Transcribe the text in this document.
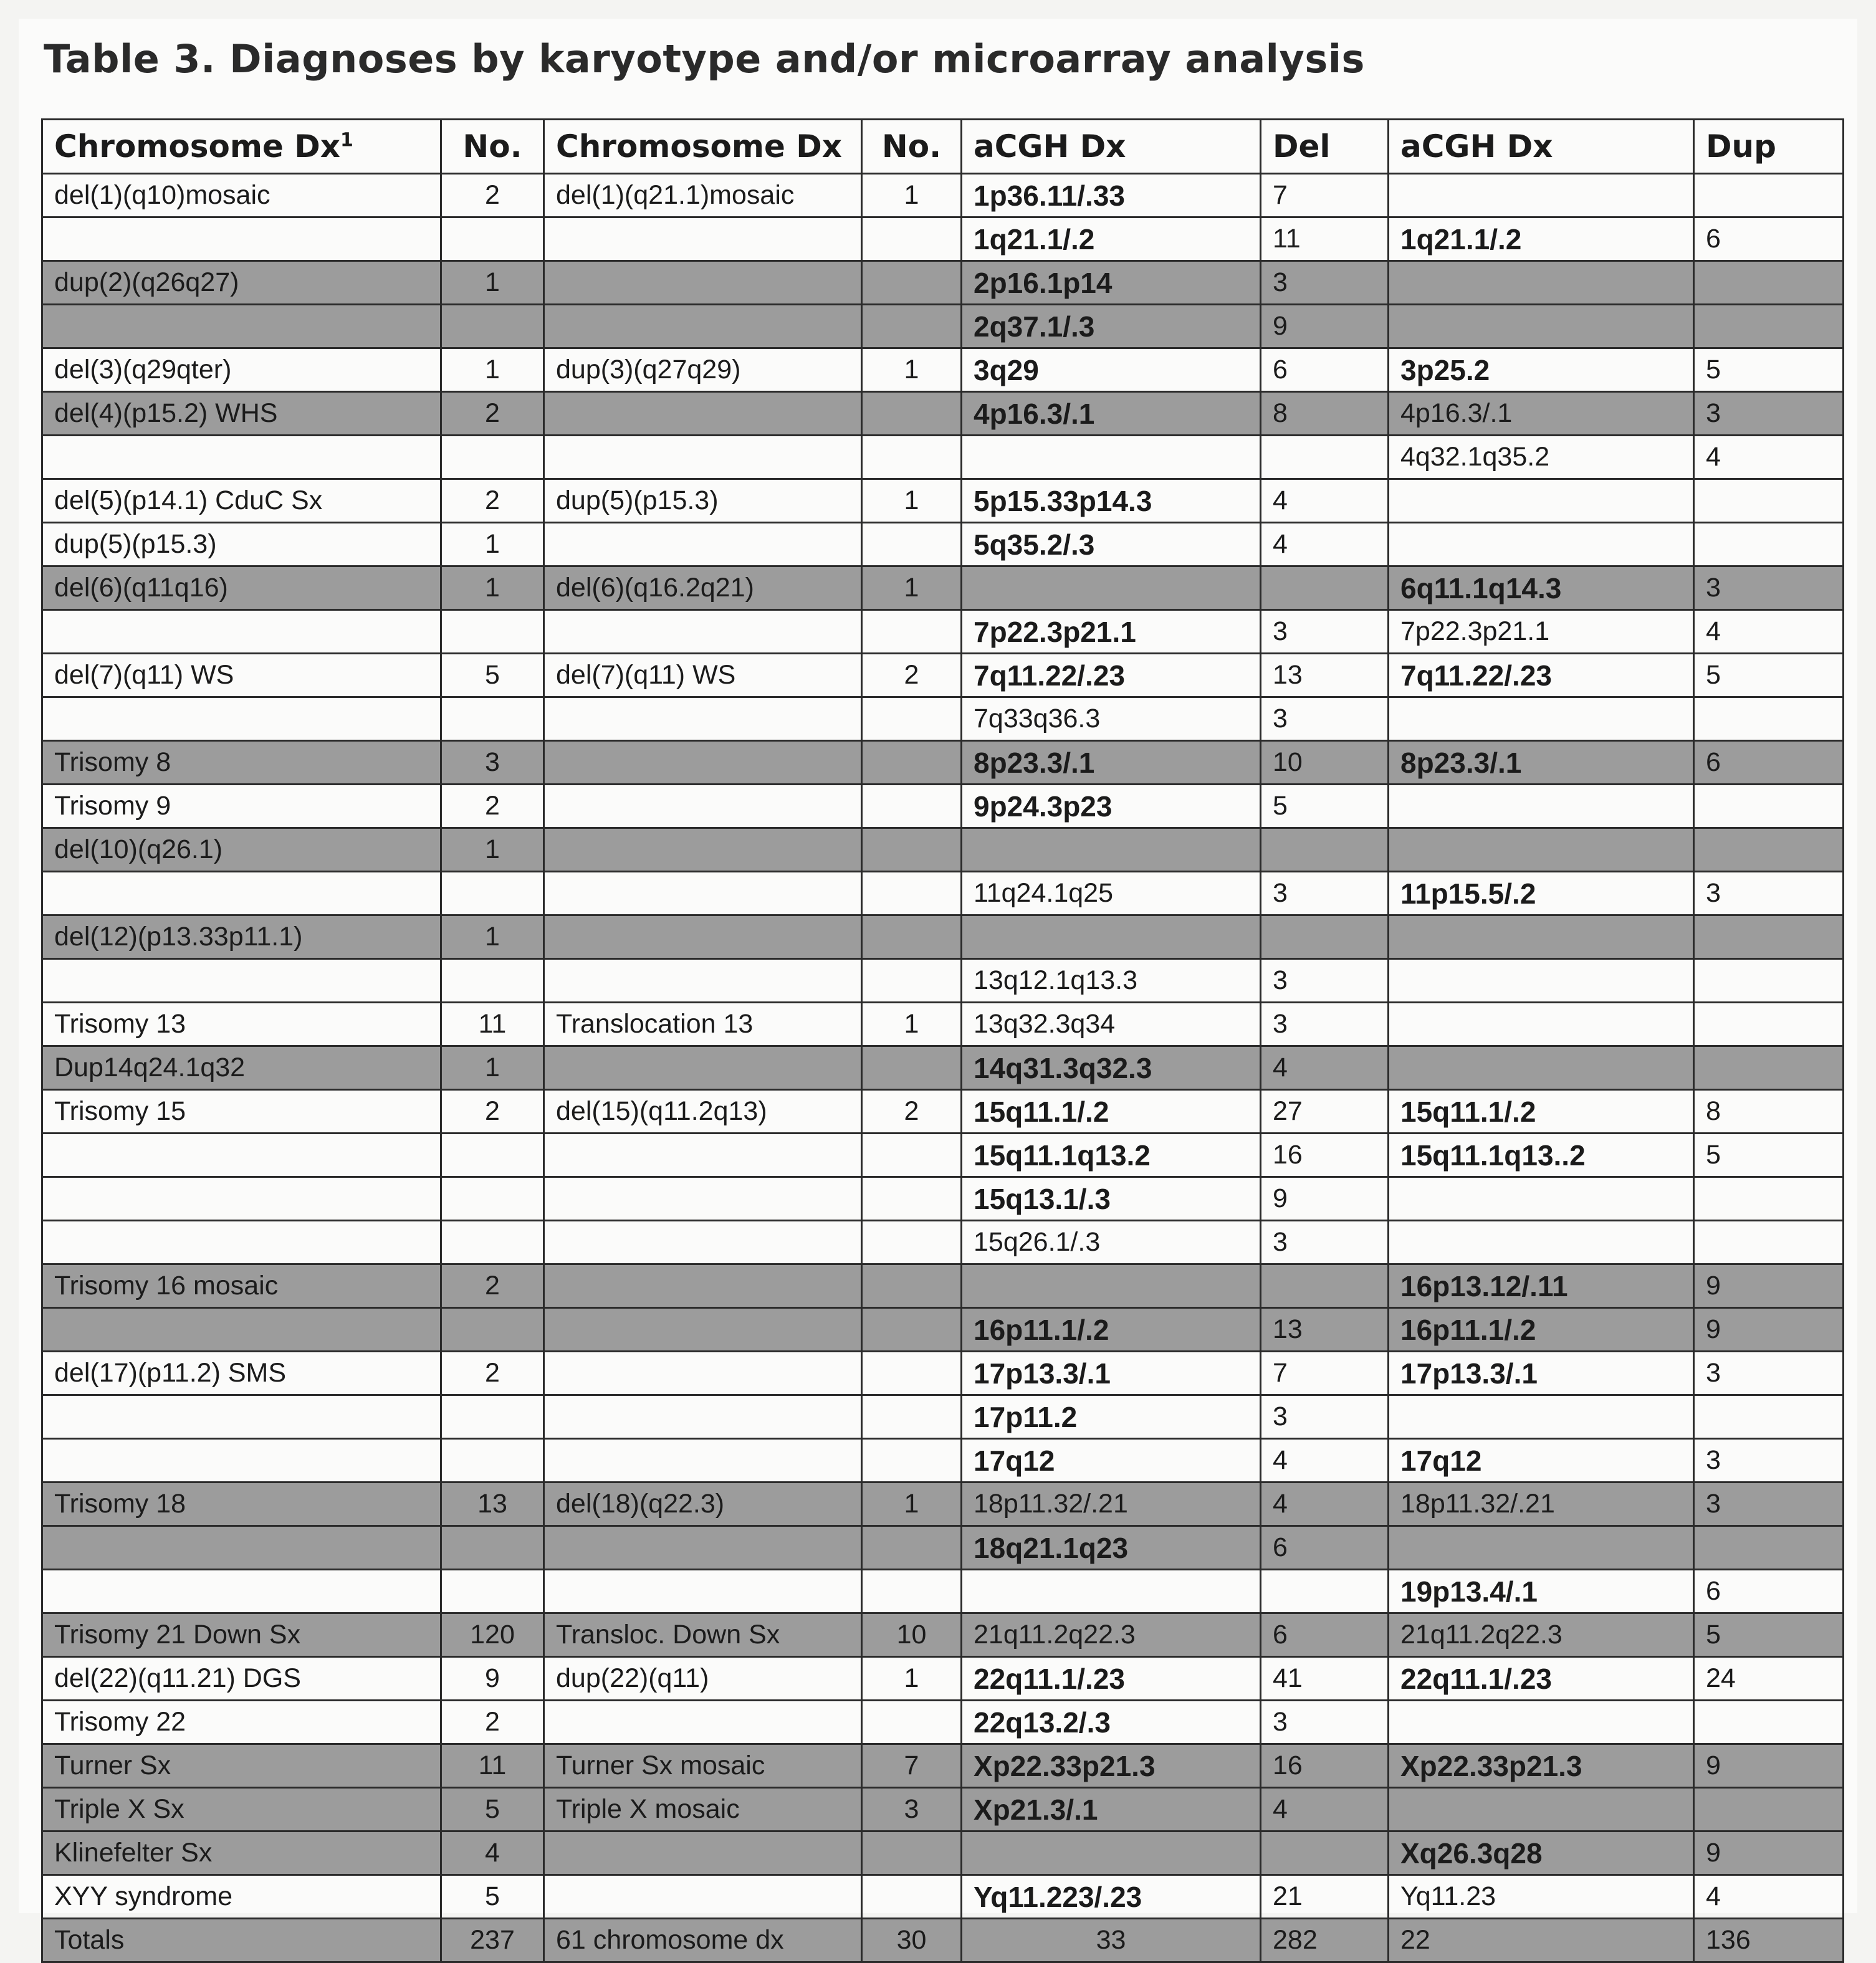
Table 3. Diagnoses by karyotype and/or microarray analysis
Chromosome Dx$^1$	No.	Chromosome Dx	No.	aCGH Dx	Del	aCGH Dx	Dup
del(1)(q10)mosaic	2	del(1)(q21.1)mosaic	1	1p36.11/.33	7		
				1q21.1/.2	11	1q21.1/.2	6
dup(2)(q26q27)	1			2p16.1p14	3		
				2q37.1/.3	9		
del(3)(q29qter)	1	dup(3)(q27q29)	1	3q29	6	3p25.2	5
del(4)(p15.2) WHS	2			4p16.3/.1	8	4p16.3/.1	3
						4q32.1q35.2	4
del(5)(p14.1) CduC Sx	2	dup(5)(p15.3)	1	5p15.33p14.3	4		
dup(5)(p15.3)	1			5q35.2/.3	4		
del(6)(q11q16)	1	del(6)(q16.2q21)	1			6q11.1q14.3	3
				7p22.3p21.1	3	7p22.3p21.1	4
del(7)(q11) WS	5	del(7)(q11) WS	2	7q11.22/.23	13	7q11.22/.23	5
				7q33q36.3	3		
Trisomy 8	3			8p23.3/.1	10	8p23.3/.1	6
Trisomy 9	2			9p24.3p23	5		
del(10)(q26.1)	1						
				11q24.1q25	3	11p15.5/.2	3
del(12)(p13.33p11.1)	1						
				13q12.1q13.3	3		
Trisomy 13	11	Translocation 13	1	13q32.3q34	3		
Dup14q24.1q32	1			14q31.3q32.3	4		
Trisomy 15	2	del(15)(q11.2q13)	2	15q11.1/.2	27	15q11.1/.2	8
				15q11.1q13.2	16	15q11.1q13..2	5
				15q13.1/.3	9		
				15q26.1/.3	3		
Trisomy 16 mosaic	2					16p13.12/.11	9
				16p11.1/.2	13	16p11.1/.2	9
del(17)(p11.2) SMS	2			17p13.3/.1	7	17p13.3/.1	3
				17p11.2	3		
				17q12	4	17q12	3
Trisomy 18	13	del(18)(q22.3)	1	18p11.32/.21	4	18p11.32/.21	3
				18q21.1q23	6		
						19p13.4/.1	6
Trisomy 21 Down Sx	120	Transloc. Down Sx	10	21q11.2q22.3	6	21q11.2q22.3	5
del(22)(q11.21) DGS	9	dup(22)(q11)	1	22q11.1/.23	41	22q11.1/.23	24
Trisomy 22	2			22q13.2/.3	3		
Turner Sx	11	Turner Sx mosaic	7	Xp22.33p21.3	16	Xp22.33p21.3	9
Triple X Sx	5	Triple X mosaic	3	Xp21.3/.1	4		
Klinefelter Sx	4					Xq26.3q28	9
XYY syndrome	5			Yq11.223/.23	21	Yq11.23	4
Totals	237	61 chromosome dx	30	33	282	22	136
